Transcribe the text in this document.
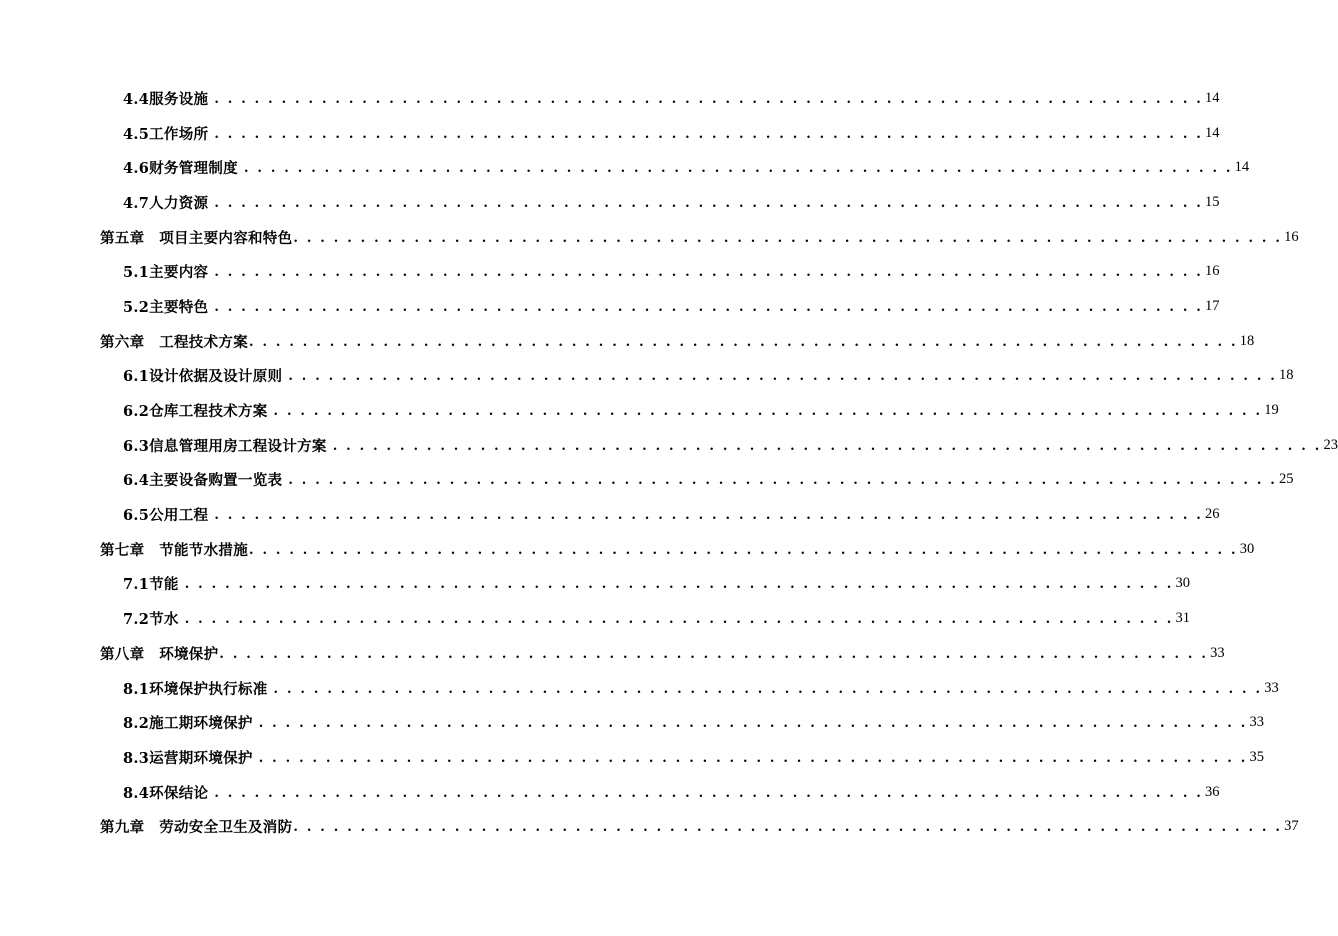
4.4服务设施 . . . . . . . . . . . . . . . . . . . . . . . . . . . . . . . . . . . . . . . . . . . . . . . . . . . . . . . . . . . . . . . . . . . . . . . . . . 14
4.5工作场所 . . . . . . . . . . . . . . . . . . . . . . . . . . . . . . . . . . . . . . . . . . . . . . . . . . . . . . . . . . . . . . . . . . . . . . . . . . 14
4.6财务管理制度 . . . . . . . . . . . . . . . . . . . . . . . . . . . . . . . . . . . . . . . . . . . . . . . . . . . . . . . . . . . . . . . . . . . . . . . . . . 14
4.7人力资源 . . . . . . . . . . . . . . . . . . . . . . . . . . . . . . . . . . . . . . . . . . . . . . . . . . . . . . . . . . . . . . . . . . . . . . . . . . 15
第五章　项目主要内容和特色 . . . . . . . . . . . . . . . . . . . . . . . . . . . . . . . . . . . . . . . . . . . . . . . . . . . . . . . . . . . . . . . . . . . . . . . . . . 16
5.1主要内容 . . . . . . . . . . . . . . . . . . . . . . . . . . . . . . . . . . . . . . . . . . . . . . . . . . . . . . . . . . . . . . . . . . . . . . . . . . 16
5.2主要特色 . . . . . . . . . . . . . . . . . . . . . . . . . . . . . . . . . . . . . . . . . . . . . . . . . . . . . . . . . . . . . . . . . . . . . . . . . . 17
第六章　工程技术方案 . . . . . . . . . . . . . . . . . . . . . . . . . . . . . . . . . . . . . . . . . . . . . . . . . . . . . . . . . . . . . . . . . . . . . . . . . . 18
6.1设计依据及设计原则 . . . . . . . . . . . . . . . . . . . . . . . . . . . . . . . . . . . . . . . . . . . . . . . . . . . . . . . . . . . . . . . . . . . . . . . . . . 18
6.2仓库工程技术方案 . . . . . . . . . . . . . . . . . . . . . . . . . . . . . . . . . . . . . . . . . . . . . . . . . . . . . . . . . . . . . . . . . . . . . . . . . . 19
6.3信息管理用房工程设计方案 . . . . . . . . . . . . . . . . . . . . . . . . . . . . . . . . . . . . . . . . . . . . . . . . . . . . . . . . . . . . . . . . . . . . . . . . . . 23
6.4主要设备购置一览表 . . . . . . . . . . . . . . . . . . . . . . . . . . . . . . . . . . . . . . . . . . . . . . . . . . . . . . . . . . . . . . . . . . . . . . . . . . 25
6.5公用工程 . . . . . . . . . . . . . . . . . . . . . . . . . . . . . . . . . . . . . . . . . . . . . . . . . . . . . . . . . . . . . . . . . . . . . . . . . . 26
第七章　节能节水措施 . . . . . . . . . . . . . . . . . . . . . . . . . . . . . . . . . . . . . . . . . . . . . . . . . . . . . . . . . . . . . . . . . . . . . . . . . . 30
7.1节能 . . . . . . . . . . . . . . . . . . . . . . . . . . . . . . . . . . . . . . . . . . . . . . . . . . . . . . . . . . . . . . . . . . . . . . . . . . 30
7.2节水 . . . . . . . . . . . . . . . . . . . . . . . . . . . . . . . . . . . . . . . . . . . . . . . . . . . . . . . . . . . . . . . . . . . . . . . . . . 31
第八章　环境保护 . . . . . . . . . . . . . . . . . . . . . . . . . . . . . . . . . . . . . . . . . . . . . . . . . . . . . . . . . . . . . . . . . . . . . . . . . . 33
8.1环境保护执行标准 . . . . . . . . . . . . . . . . . . . . . . . . . . . . . . . . . . . . . . . . . . . . . . . . . . . . . . . . . . . . . . . . . . . . . . . . . . 33
8.2施工期环境保护 . . . . . . . . . . . . . . . . . . . . . . . . . . . . . . . . . . . . . . . . . . . . . . . . . . . . . . . . . . . . . . . . . . . . . . . . . . 33
8.3运营期环境保护 . . . . . . . . . . . . . . . . . . . . . . . . . . . . . . . . . . . . . . . . . . . . . . . . . . . . . . . . . . . . . . . . . . . . . . . . . . 35
8.4环保结论 . . . . . . . . . . . . . . . . . . . . . . . . . . . . . . . . . . . . . . . . . . . . . . . . . . . . . . . . . . . . . . . . . . . . . . . . . . 36
第九章　劳动安全卫生及消防 . . . . . . . . . . . . . . . . . . . . . . . . . . . . . . . . . . . . . . . . . . . . . . . . . . . . . . . . . . . . . . . . . . . . . . . . . . 37
